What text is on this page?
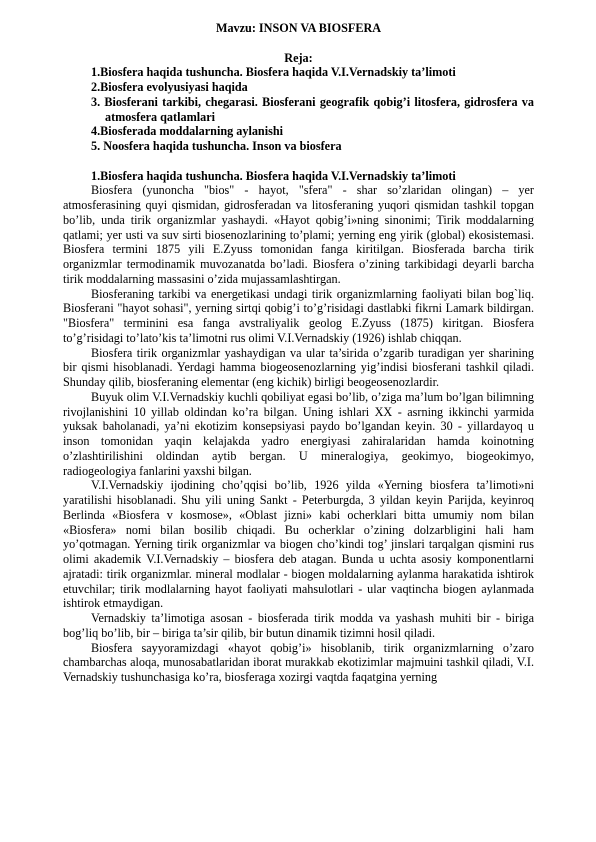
Mavzu: INSON VA BIOSFERA

Reja:
1.Biosfera haqida tushuncha. Biosfera haqida V.I.Vernadskiy ta’limoti
2.Biosfera evolyusiyasi haqida
3. Biosferani tarkibi, chegarasi. Biosferani geografik qobig’i litosfera, gidrosfera va atmosfera qatlamlari
4.Biosferada moddalarning aylanishi
5. Noosfera haqida tushuncha. Inson va biosfera

1.Biosfera haqida tushuncha. Biosfera haqida V.I.Vernadskiy ta’limoti

Biosfera (yunoncha "bios" - hayot, "sfera" - shar so’zlaridan olingan) – yer atmosferasining quyi qismidan, gidrosferadan va litosferaning yuqori qismidan tashkil topgan bo’lib, unda tirik organizmlar yashaydi. «Hayot qobig’i»ning sinonimi; Tirik moddalarning qatlami; yer usti va suv sirti biosenozlarining to’plami; yerning eng yirik (global) ekosistemasi. Biosfera termini 1875 yili E.Zyuss tomonidan fanga kiritilgan. Biosferada barcha tirik organizmlar termodinamik muvozanatda bo’ladi. Biosfera o’zining tarkibidagi deyarli barcha tirik moddalarning massasini o’zida mujassamlashtirgan.

Biosferaning tarkibi va energetikasi undagi tirik organizmlarning faoliyati bilan bog`liq. Biosferani "hayot sohasi", yerning sirtqi qobig’i to’g’risidagi dastlabki fikrni Lamark bildirgan. "Biosfera" terminini esa fanga avstraliyalik geolog E.Zyuss (1875) kiritgan. Biosfera to’g’risidagi to’lato’kis ta’limotni rus olimi V.I.Vernadskiy (1926) ishlab chiqqan.

Biosfera tirik organizmlar yashaydigan va ular ta’sirida o’zgarib turadigan yer sharining bir qismi hisoblanadi. Yerdagi hamma biogeosenozlarning yig’indisi biosferani tashkil qiladi. Shunday qilib, biosferaning elementar (eng kichik) birligi beogeosenozlardir.

Buyuk olim V.I.Vernadskiy kuchli qobiliyat egasi bo’lib, o’ziga ma’lum bo’lgan bilimning rivojlanishini 10 yillab oldindan ko’ra bilgan. Uning ishlari XX - asrning ikkinchi yarmida yuksak baholanadi, ya’ni ekotizim konsepsiyasi paydo bo’lgandan keyin. 30 - yillardayoq u inson tomonidan yaqin kelajakda yadro energiyasi zahiralaridan hamda koinotning o’zlashtirilishini oldindan aytib bergan. U mineralogiya, geokimyo, biogeokimyo, radiogeologiya fanlarini yaxshi bilgan.

V.I.Vernadskiy ijodining cho’qqisi bo’lib, 1926 yilda «Yerning biosfera ta’limoti»ni yaratilishi hisoblanadi. Shu yili uning Sankt - Peterburgda, 3 yildan keyin Parijda, keyinroq Berlinda «Biosfera v kosmose», «Oblast jizni» kabi ocherklari bitta umumiy nom bilan «Biosfera» nomi bilan bosilib chiqadi. Bu ocherklar o’zining dolzarbligini hali ham yo’qotmagan. Yerning tirik organizmlar va biogen cho’kindi tog’ jinslari tarqalgan qismini rus olimi akademik V.I.Vernadskiy – biosfera deb atagan. Bunda u uchta asosiy komponentlarni ajratadi: tirik organizmlar. mineral modlalar - biogen moldalarning aylanma harakatida ishtirok etuvchilar; tirik modlalarning hayot faoliyati mahsulotlari - ular vaqtincha biogen aylanmada ishtirok etmaydigan.

Vernadskiy ta’limotiga asosan - biosferada tirik modda va yashash muhiti bir - biriga bog’liq bo’lib, bir – biriga ta’sir qilib, bir butun dinamik tizimni hosil qiladi.

Biosfera sayyoramizdagi «hayot qobig’i» hisoblanib, tirik organizmlarning o’zaro chambarchas aloqa, munosabatlaridan iborat murakkab ekotizimlar majmuini tashkil qiladi, V.I. Vernadskiy tushunchasiga ko’ra, biosferaga xozirgi vaqtda faqatgina yerning
